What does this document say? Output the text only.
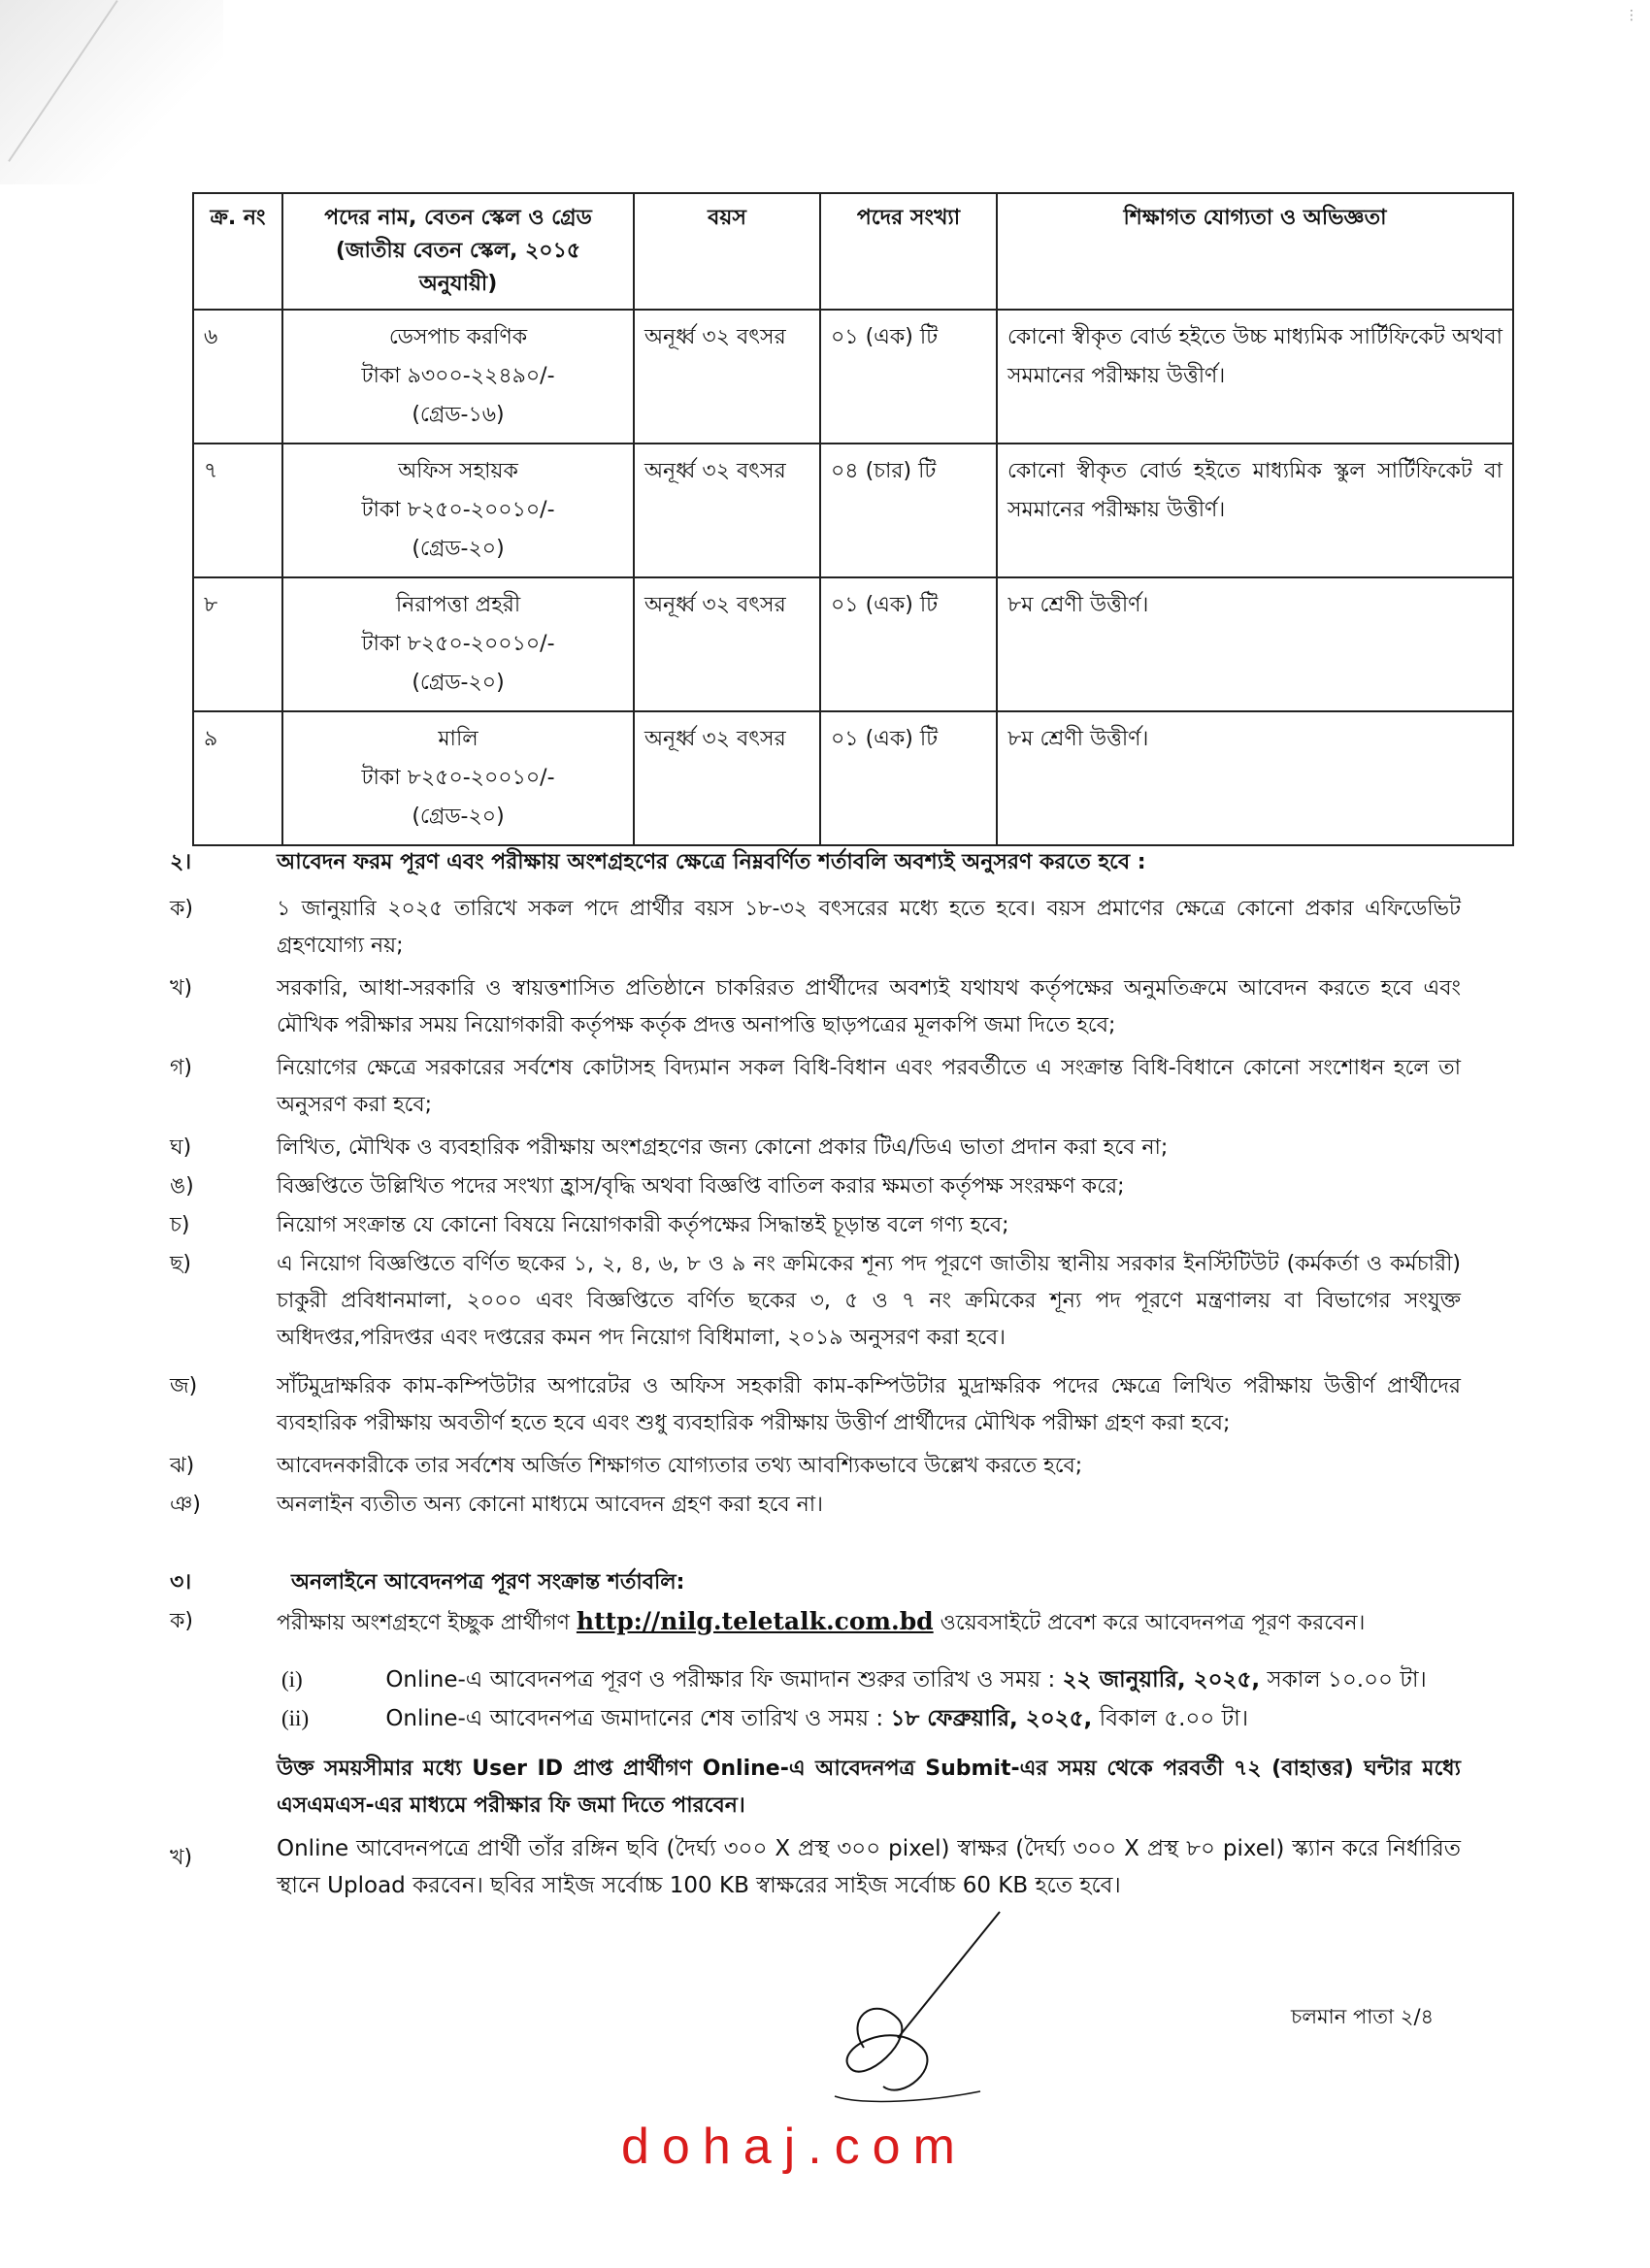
⋮
ক্র. নং	পদের নাম, বেতন স্কেল ও গ্রেড (জাতীয় বেতন স্কেল, ২০১৫ অনুযায়ী)	বয়স	পদের সংখ্যা	শিক্ষাগত যোগ্যতা ও অভিজ্ঞতা
৬	ডেসপাচ করণিক
টাকা ৯৩০০-২২৪৯০/-
(গ্রেড-১৬)	অনূর্ধ্ব ৩২ বৎসর	০১ (এক) টি	কোনো স্বীকৃত বোর্ড হইতে উচ্চ মাধ্যমিক সার্টিফিকেট অথবা সমমানের পরীক্ষায় উত্তীর্ণ।
৭	অফিস সহায়ক
টাকা ৮২৫০-২০০১০/-
(গ্রেড-২০)	অনূর্ধ্ব ৩২ বৎসর	০৪ (চার) টি	কোনো স্বীকৃত বোর্ড হইতে মাধ্যমিক স্কুল সার্টিফিকেট বা সমমানের পরীক্ষায় উত্তীর্ণ।
৮	নিরাপত্তা প্রহরী
টাকা ৮২৫০-২০০১০/-
(গ্রেড-২০)	অনূর্ধ্ব ৩২ বৎসর	০১ (এক) টি	৮ম শ্রেণী উত্তীর্ণ।
৯	মালি
টাকা ৮২৫০-২০০১০/-
(গ্রেড-২০)	অনূর্ধ্ব ৩২ বৎসর	০১ (এক) টি	৮ম শ্রেণী উত্তীর্ণ।
২।	আবেদন ফরম পূরণ এবং পরীক্ষায় অংশগ্রহণের ক্ষেত্রে নিম্নবর্ণিত শর্তাবলি অবশ্যই অনুসরণ করতে হবে :
ক)	১ জানুয়ারি ২০২৫ তারিখে সকল পদে প্রার্থীর বয়স ১৮-৩২ বৎসরের মধ্যে হতে হবে। বয়স প্রমাণের ক্ষেত্রে কোনো প্রকার এফিডেভিট গ্রহণযোগ্য নয়;
খ)	সরকারি, আধা-সরকারি ও স্বায়ত্তশাসিত প্রতিষ্ঠানে চাকরিরত প্রার্থীদের অবশ্যই যথাযথ কর্তৃপক্ষের অনুমতিক্রমে আবেদন করতে হবে এবং মৌখিক পরীক্ষার সময় নিয়োগকারী কর্তৃপক্ষ কর্তৃক প্রদত্ত অনাপত্তি ছাড়পত্রের মূলকপি জমা দিতে হবে;
গ)	নিয়োগের ক্ষেত্রে সরকারের সর্বশেষ কোটাসহ বিদ্যমান সকল বিধি-বিধান এবং পরবর্তীতে এ সংক্রান্ত বিধি-বিধানে কোনো সংশোধন হলে তা অনুসরণ করা হবে;
ঘ)	লিখিত, মৌখিক ও ব্যবহারিক পরীক্ষায় অংশগ্রহণের জন্য কোনো প্রকার টিএ/ডিএ ভাতা প্রদান করা হবে না;
ঙ)	বিজ্ঞপ্তিতে উল্লিখিত পদের সংখ্যা হ্রাস/বৃদ্ধি অথবা বিজ্ঞপ্তি বাতিল করার ক্ষমতা কর্তৃপক্ষ সংরক্ষণ করে;
চ)	নিয়োগ সংক্রান্ত যে কোনো বিষয়ে নিয়োগকারী কর্তৃপক্ষের সিদ্ধান্তই চূড়ান্ত বলে গণ্য হবে;
ছ)	এ নিয়োগ বিজ্ঞপ্তিতে বর্ণিত ছকের ১, ২, ৪, ৬, ৮ ও ৯ নং ক্রমিকের শূন্য পদ পূরণে জাতীয় স্থানীয় সরকার ইনস্টিটিউট (কর্মকর্তা ও কর্মচারী) চাকুরী প্রবিধানমালা, ২০০০ এবং বিজ্ঞপ্তিতে বর্ণিত ছকের ৩, ৫ ও ৭ নং ক্রমিকের শূন্য পদ পূরণে মন্ত্রণালয় বা বিভাগের সংযুক্ত অধিদপ্তর,পরিদপ্তর এবং দপ্তরের কমন পদ নিয়োগ বিধিমালা, ২০১৯ অনুসরণ করা হবে।
জ)	সাঁটমুদ্রাক্ষরিক কাম-কম্পিউটার অপারেটর ও অফিস সহকারী কাম-কম্পিউটার মুদ্রাক্ষরিক পদের ক্ষেত্রে লিখিত পরীক্ষায় উত্তীর্ণ প্রার্থীদের ব্যবহারিক পরীক্ষায় অবতীর্ণ হতে হবে এবং শুধু ব্যবহারিক পরীক্ষায় উত্তীর্ণ প্রার্থীদের মৌখিক পরীক্ষা গ্রহণ করা হবে;
ঝ)	আবেদনকারীকে তার সর্বশেষ অর্জিত শিক্ষাগত যোগ্যতার তথ্য আবশ্যিকভাবে উল্লেখ করতে হবে;
ঞ)	অনলাইন ব্যতীত অন্য কোনো মাধ্যমে আবেদন গ্রহণ করা হবে না।
৩।	অনলাইনে আবেদনপত্র পূরণ সংক্রান্ত শর্তাবলি:
ক)	পরীক্ষায় অংশগ্রহণে ইচ্ছুক প্রার্থীগণ http://nilg.teletalk.com.bd ওয়েবসাইটে প্রবেশ করে আবেদনপত্র পূরণ করবেন।
(i)	Online-এ আবেদনপত্র পূরণ ও পরীক্ষার ফি জমাদান শুরুর তারিখ ও সময় : ২২ জানুয়ারি, ২০২৫, সকাল ১০.০০ টা।
(ii)	Online-এ আবেদনপত্র জমাদানের শেষ তারিখ ও সময় : ১৮ ফেব্রুয়ারি, ২০২৫, বিকাল ৫.০০ টা।
উক্ত সময়সীমার মধ্যে User ID প্রাপ্ত প্রার্থীগণ Online-এ আবেদনপত্র Submit-এর সময় থেকে পরবর্তী ৭২ (বাহাত্তর) ঘন্টার মধ্যে এসএমএস-এর মাধ্যমে পরীক্ষার ফি জমা দিতে পারবেন।
খ)	Online আবেদনপত্রে প্রার্থী তাঁর রঙ্গিন ছবি (দৈর্ঘ্য ৩০০ X প্রস্থ ৩০০ pixel) স্বাক্ষর (দৈর্ঘ্য ৩০০ X প্রস্থ ৮০ pixel) স্ক্যান করে নির্ধারিত স্থানে Upload করবেন। ছবির সাইজ সর্বোচ্চ 100 KB স্বাক্ষরের সাইজ সর্বোচ্চ 60 KB হতে হবে।
চলমান পাতা ২/৪
dohaj.com
